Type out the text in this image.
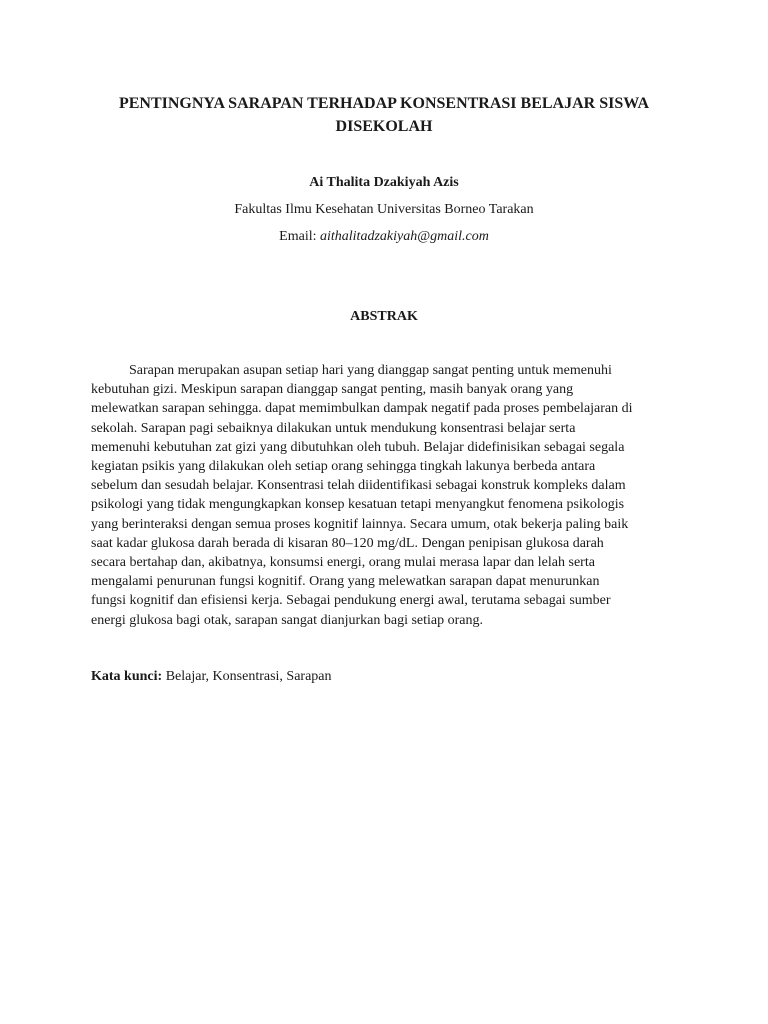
PENTINGNYA SARAPAN TERHADAP KONSENTRASI BELAJAR SISWA
DISEKOLAH

Ai Thalita Dzakiyah Azis

Fakultas Ilmu Kesehatan Universitas Borneo Tarakan

Email: aithalitadzakiyah@gmail.com

ABSTRAK

Sarapan merupakan asupan setiap hari yang dianggap sangat penting untuk memenuhi
kebutuhan gizi. Meskipun sarapan dianggap sangat penting, masih banyak orang yang
melewatkan sarapan sehingga. dapat memimbulkan dampak negatif pada proses pembelajaran di
sekolah. Sarapan pagi sebaiknya dilakukan untuk mendukung konsentrasi belajar serta
memenuhi kebutuhan zat gizi yang dibutuhkan oleh tubuh. Belajar didefinisikan sebagai segala
kegiatan psikis yang dilakukan oleh setiap orang sehingga tingkah lakunya berbeda antara
sebelum dan sesudah belajar. Konsentrasi telah diidentifikasi sebagai konstruk kompleks dalam
psikologi yang tidak mengungkapkan konsep kesatuan tetapi menyangkut fenomena psikologis
yang berinteraksi dengan semua proses kognitif lainnya. Secara umum, otak bekerja paling baik
saat kadar glukosa darah berada di kisaran 80–120 mg/dL. Dengan penipisan glukosa darah
secara bertahap dan, akibatnya, konsumsi energi, orang mulai merasa lapar dan lelah serta
mengalami penurunan fungsi kognitif. Orang yang melewatkan sarapan dapat menurunkan
fungsi kognitif dan efisiensi kerja. Sebagai pendukung energi awal, terutama sebagai sumber
energi glukosa bagi otak, sarapan sangat dianjurkan bagi setiap orang.

Kata kunci: Belajar, Konsentrasi, Sarapan
